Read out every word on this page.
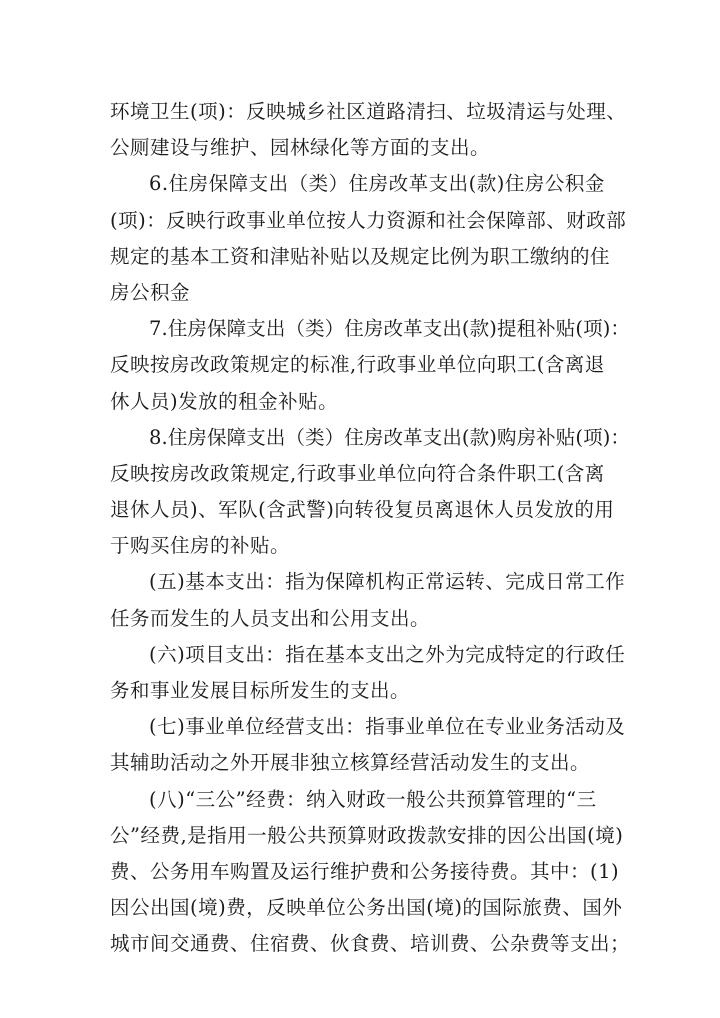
环境卫生(项)：反映城乡社区道路清扫、垃圾清运与处理、
公厕建设与维护、园林绿化等方面的支出。
6.住房保障支出（类）住房改革支出(款)住房公积金
(项)：反映行政事业单位按人力资源和社会保障部、财政部
规定的基本工资和津贴补贴以及规定比例为职工缴纳的住
房公积金
7.住房保障支出（类）住房改革支出(款)提租补贴(项)：
反映按房改政策规定的标准,行政事业单位向职工(含离退
休人员)发放的租金补贴。
8.住房保障支出（类）住房改革支出(款)购房补贴(项)：
反映按房改政策规定,行政事业单位向符合条件职工(含离
退休人员)、军队(含武警)向转役复员离退休人员发放的用
于购买住房的补贴。
(五)基本支出：指为保障机构正常运转、完成日常工作
任务而发生的人员支出和公用支出。
(六)项目支出：指在基本支出之外为完成特定的行政任
务和事业发展目标所发生的支出。
(七)事业单位经营支出：指事业单位在专业业务活动及
其辅助活动之外开展非独立核算经营活动发生的支出。
(八)“三公”经费：纳入财政一般公共预算管理的“三
公”经费,是指用一般公共预算财政拨款安排的因公出国(境)
费、公务用车购置及运行维护费和公务接待费。其中：(1)
因公出国(境)费，反映单位公务出国(境)的国际旅费、国外
城市间交通费、住宿费、伙食费、培训费、公杂费等支出；
